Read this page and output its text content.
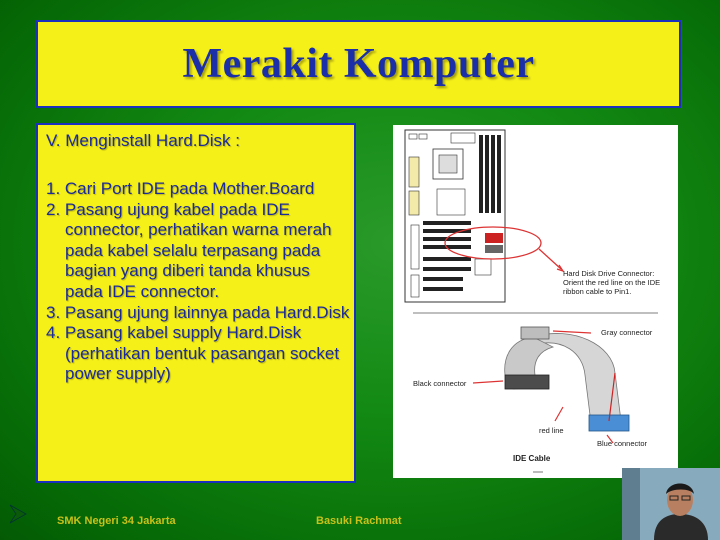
Merakit Komputer
V. Menginstall Hard.Disk :
1. Cari Port IDE pada Mother.Board
2. Pasang ujung kabel pada IDE connector, perhatikan warna merah pada kabel selalu terpasang pada bagian yang diberi tanda khusus pada IDE connector.
3. Pasang ujung lainnya pada Hard.Disk
4. Pasang kabel supply Hard.Disk (perhatikan bentuk pasangan socket power supply)
Hard Disk Drive Connector:
Orient the red line on the IDE
ribbon cable to Pin1.
Gray connector
Black connector
red line
Blue connector
IDE Cable
SMK Negeri 34 Jakarta	Basuki Rachmat
